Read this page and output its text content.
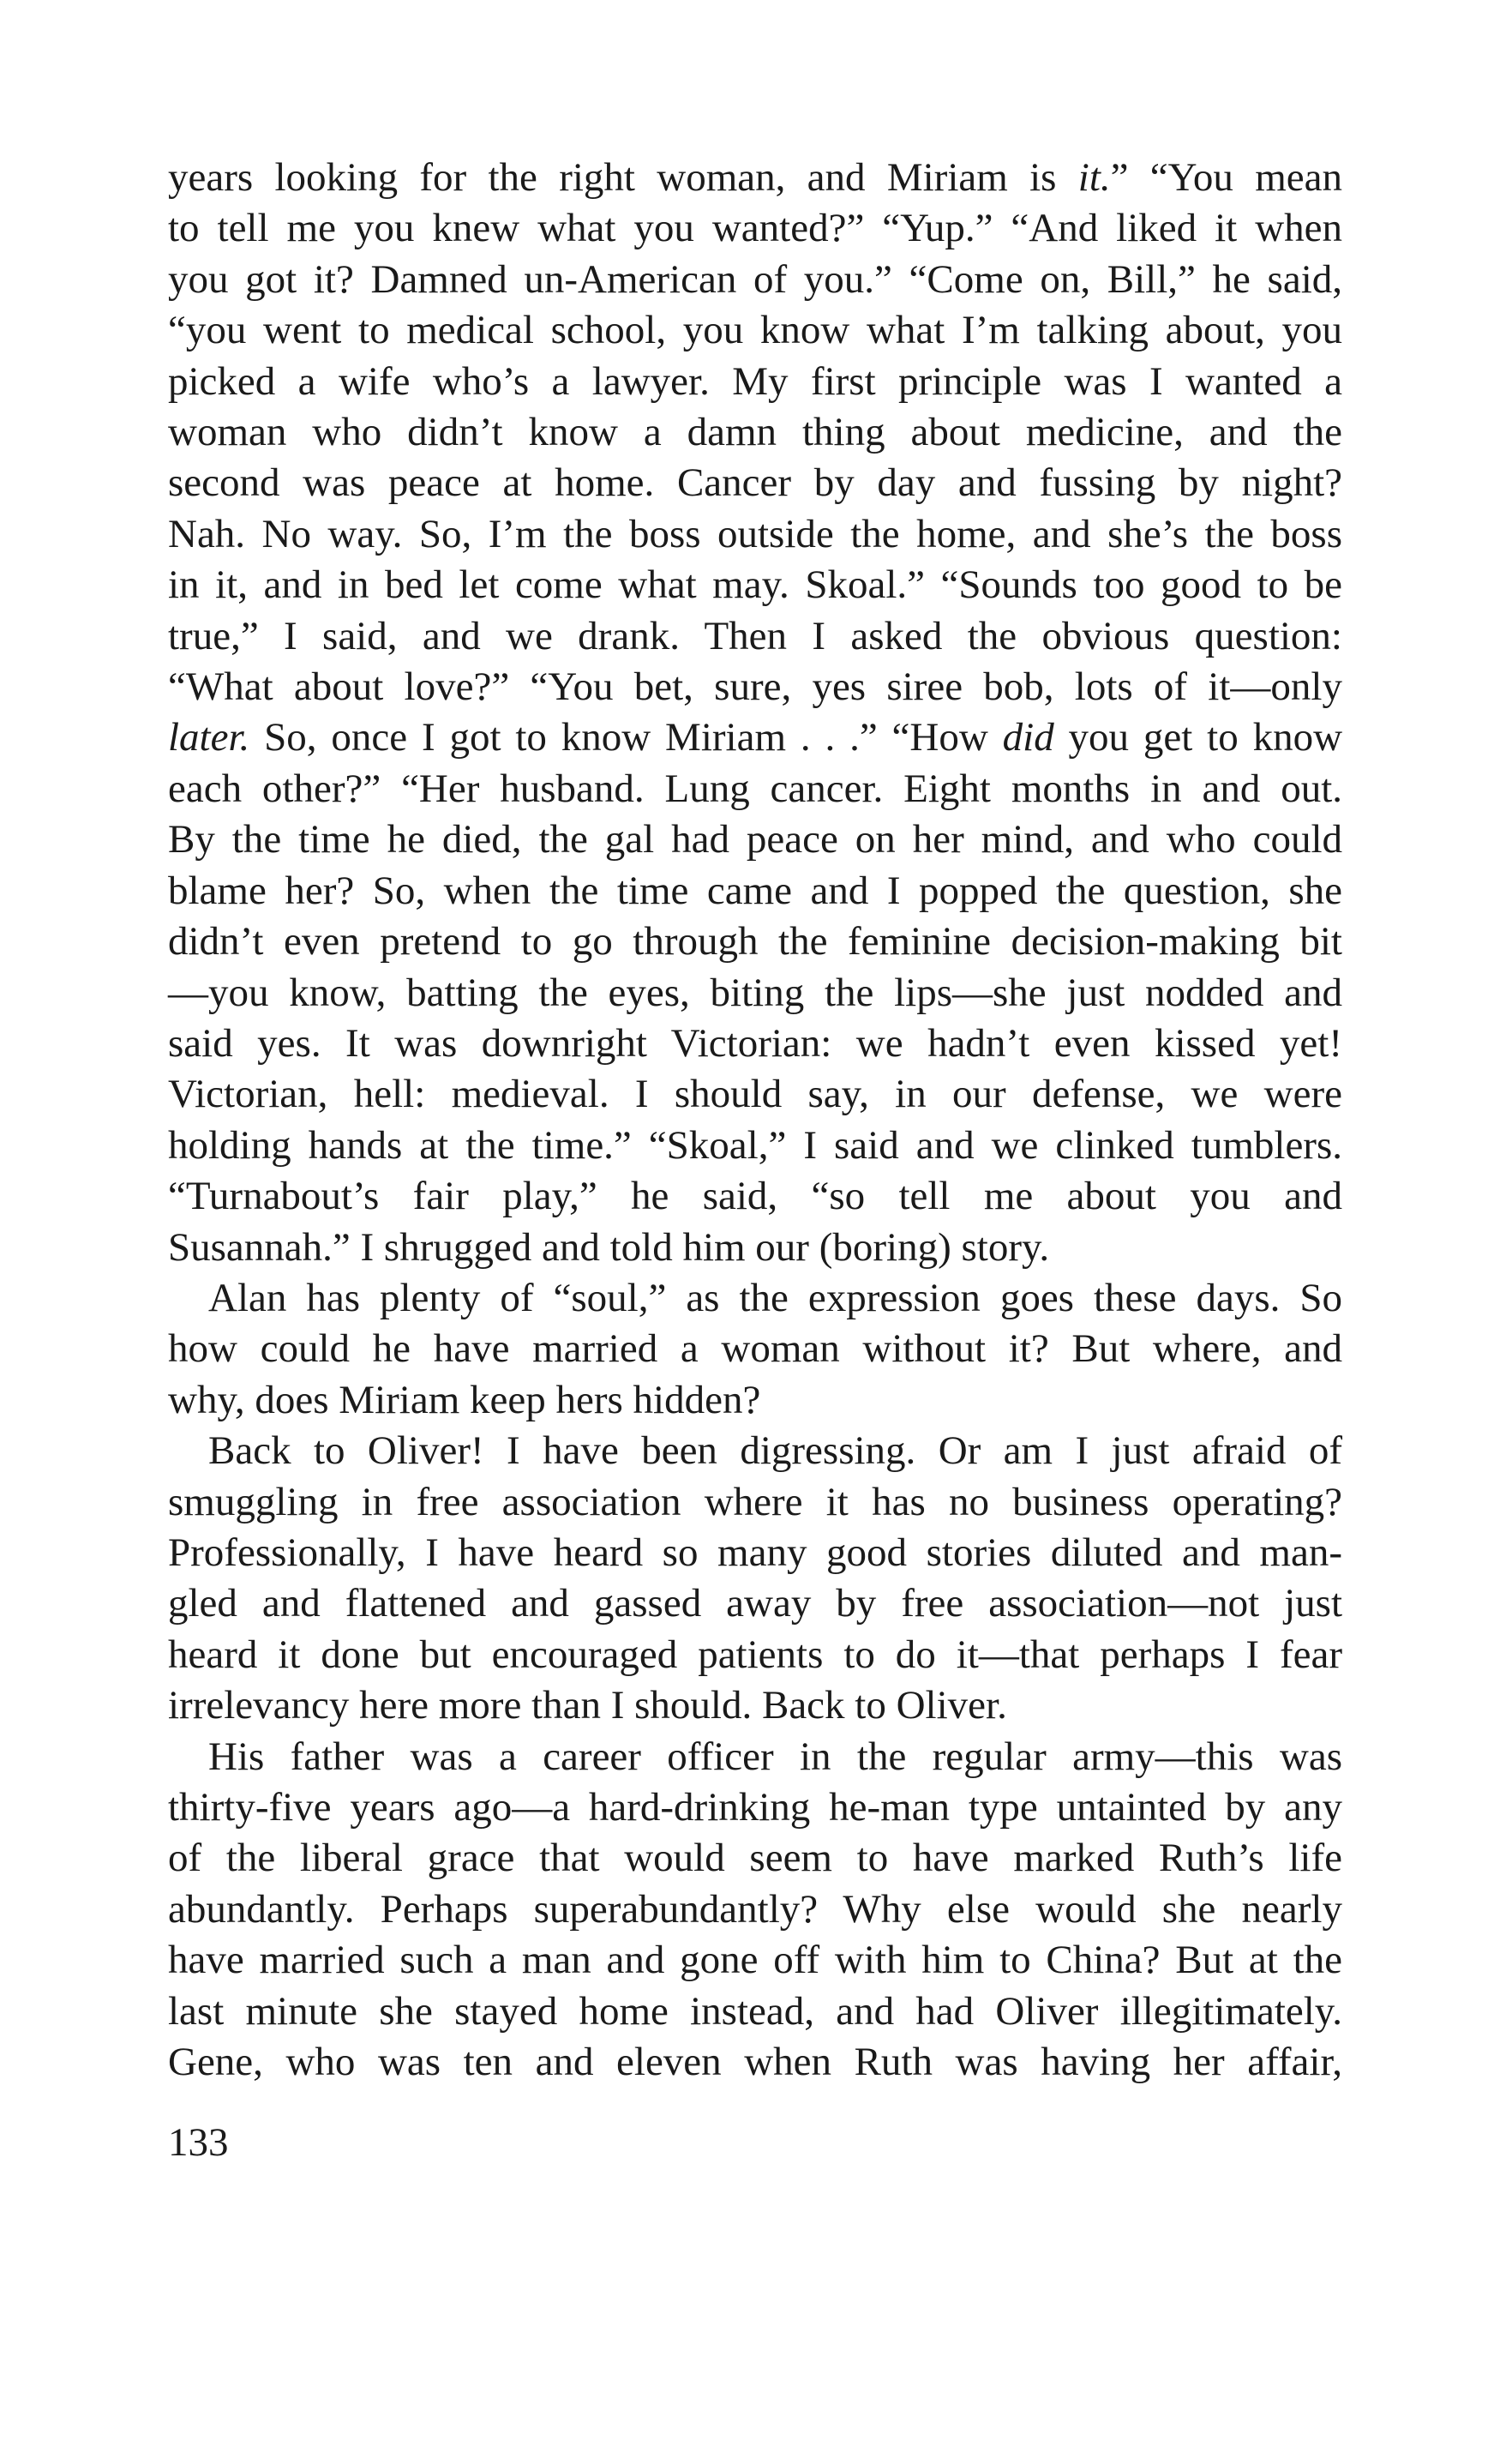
years looking for the right woman, and Miriam is it.” “You mean
to tell me you knew what you wanted?” “Yup.” “And liked it when
you got it? Damned un-American of you.” “Come on, Bill,” he said,
“you went to medical school, you know what I’m talking about, you
picked a wife who’s a lawyer. My first principle was I wanted a
woman who didn’t know a damn thing about medicine, and the
second was peace at home. Cancer by day and fussing by night?
Nah. No way. So, I’m the boss outside the home, and she’s the boss
in it, and in bed let come what may. Skoal.” “Sounds too good to be
true,” I said, and we drank. Then I asked the obvious question:
“What about love?” “You bet, sure, yes siree bob, lots of it—only
later. So, once I got to know Miriam . . .” “How did you get to know
each other?” “Her husband. Lung cancer. Eight months in and out.
By the time he died, the gal had peace on her mind, and who could
blame her? So, when the time came and I popped the question, she
didn’t even pretend to go through the feminine decision-making bit
—you know, batting the eyes, biting the lips—she just nodded and
said yes. It was downright Victorian: we hadn’t even kissed yet!
Victorian, hell: medieval. I should say, in our defense, we were
holding hands at the time.” “Skoal,” I said and we clinked tumblers.
“Turnabout’s fair play,” he said, “so tell me about you and
Susannah.” I shrugged and told him our (boring) story.
Alan has plenty of “soul,” as the expression goes these days. So
how could he have married a woman without it? But where, and
why, does Miriam keep hers hidden?
Back to Oliver! I have been digressing. Or am I just afraid of
smuggling in free association where it has no business operating?
Professionally, I have heard so many good stories diluted and man-
gled and flattened and gassed away by free association—not just
heard it done but encouraged patients to do it—that perhaps I fear
irrelevancy here more than I should. Back to Oliver.
His father was a career officer in the regular army—this was
thirty-five years ago—a hard-drinking he-man type untainted by any
of the liberal grace that would seem to have marked Ruth’s life
abundantly. Perhaps superabundantly? Why else would she nearly
have married such a man and gone off with him to China? But at the
last minute she stayed home instead, and had Oliver illegitimately.
Gene, who was ten and eleven when Ruth was having her affair,
133
